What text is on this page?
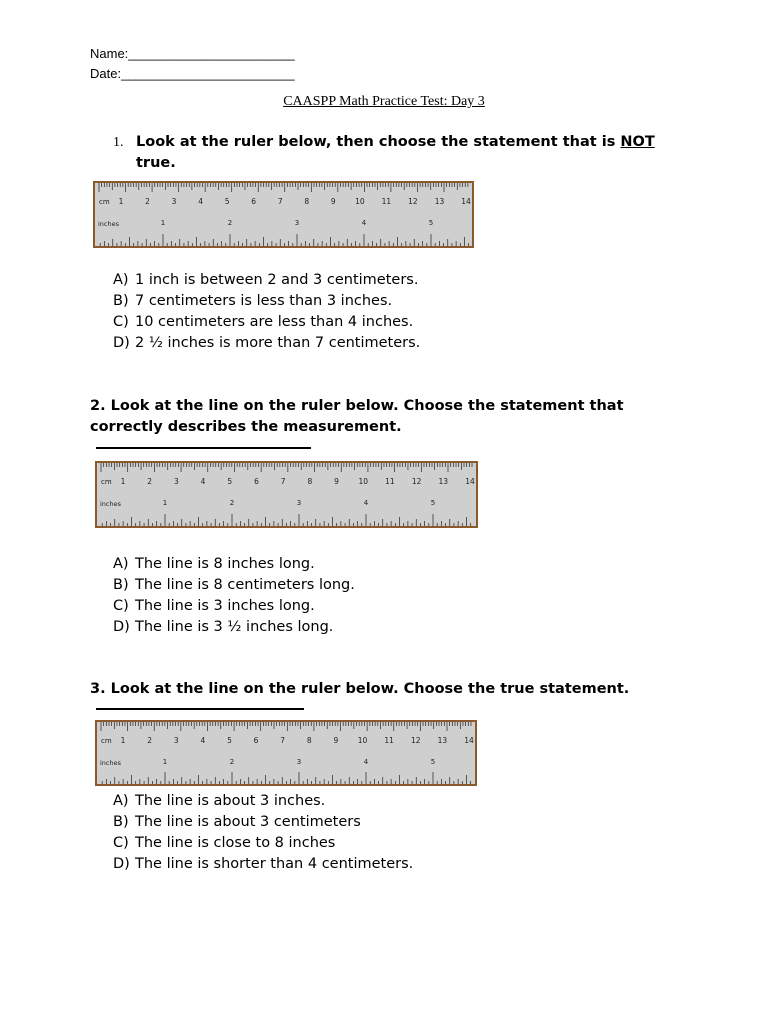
Name:_______________________
Date:________________________
CAASPP Math Practice Test: Day 3
1. Look at the ruler below, then choose the statement that is NOT true.
cm 1	2	3	4	5	6	7	8	9	10 11 12 13 14
inches	1	2	3	4	5
A) 1 inch is between 2 and 3 centimeters.
B) 7 centimeters is less than 3 inches.
C) 10 centimeters are less than 4 inches.
D) 2 ½ inches is more than 7 centimeters.
2. Look at the line on the ruler below. Choose the statement that correctly describes the measurement.
cm 1	2	3	4	5	6	7	8	9	10 11 12 13 14
inches	1	2	3	4	5
A) The line is 8 inches long.
B) The line is 8 centimeters long.
C) The line is 3 inches long.
D) The line is 3 ½ inches long.
3. Look at the line on the ruler below. Choose the true statement.
cm 1	2	3	4	5	6	7	8	9	10 11 12 13 14
inches	1	2	3	4	5
A) The line is about 3 inches.
B) The line is about 3 centimeters
C) The line is close to 8 inches
D) The line is shorter than 4 centimeters.
